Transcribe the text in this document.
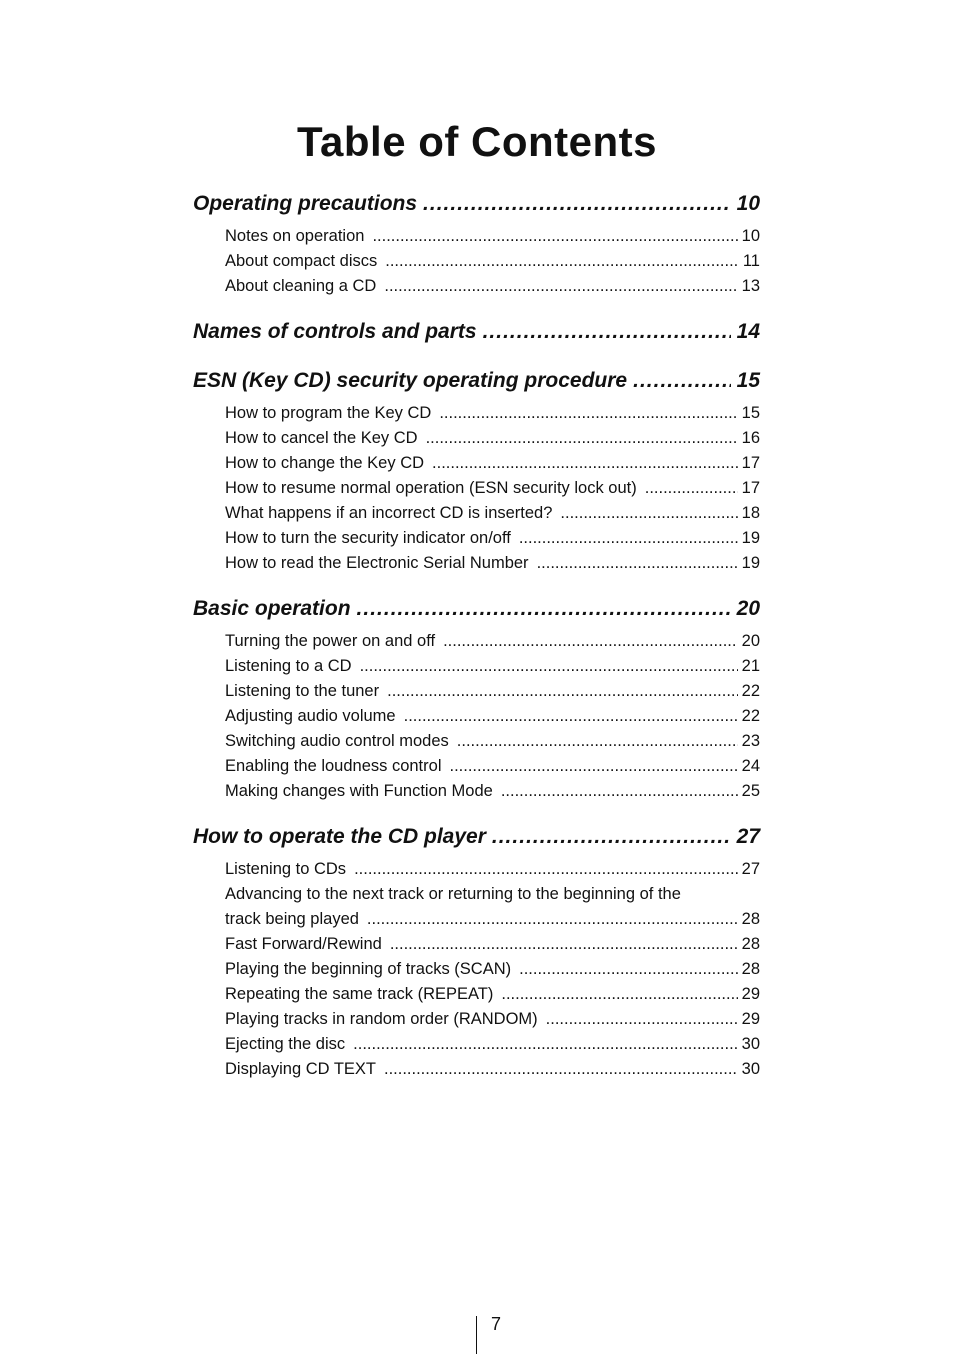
Table of Contents
Operating precautions .....	10
Notes on operation .....	10
About compact discs .....	11
About cleaning a CD .....	13
Names of controls and parts .....	14
ESN (Key CD) security operating procedure .....	15
How to program the Key CD .....	15
How to cancel the Key CD .....	16
How to change the Key CD .....	17
How to resume normal operation (ESN security lock out) .....	17
What happens if an incorrect CD is inserted? .....	18
How to turn the security indicator on/off .....	19
How to read the Electronic Serial Number .....	19
Basic operation .....	20
Turning the power on and off .....	20
Listening to a CD .....	21
Listening to the tuner .....	22
Adjusting audio volume .....	22
Switching audio control modes .....	23
Enabling the loudness control .....	24
Making changes with Function Mode .....	25
How to operate the CD player .....	27
Listening to CDs .....	27
Advancing to the next track or returning to the beginning of the
track being played .....	28
Fast Forward/Rewind .....	28
Playing the beginning of tracks (SCAN) .....	28
Repeating the same track (REPEAT) .....	29
Playing tracks in random order (RANDOM) .....	29
Ejecting the disc .....	30
Displaying CD TEXT .....	30
7
